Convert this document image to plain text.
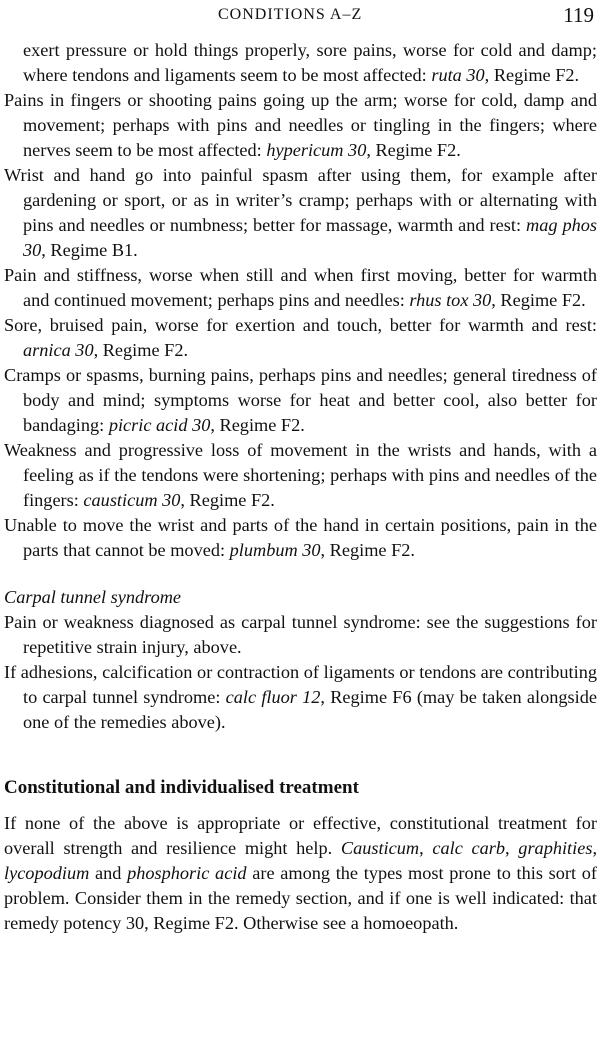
CONDITIONS A–Z	119

exert pressure or hold things properly, sore pains, worse for cold and damp; where tendons and ligaments seem to be most affected: ruta 30, Regime F2.

Pains in fingers or shooting pains going up the arm; worse for cold, damp and movement; perhaps with pins and needles or tingling in the fingers; where nerves seem to be most affected: hypericum 30, Regime F2.

Wrist and hand go into painful spasm after using them, for example after gardening or sport, or as in writer’s cramp; perhaps with or alternating with pins and needles or numbness; better for massage, warmth and rest: mag phos 30, Regime B1.

Pain and stiffness, worse when still and when first moving, better for warmth and continued movement; perhaps pins and needles: rhus tox 30, Regime F2.

Sore, bruised pain, worse for exertion and touch, better for warmth and rest: arnica 30, Regime F2.

Cramps or spasms, burning pains, perhaps pins and needles; general tiredness of body and mind; symptoms worse for heat and better cool, also better for bandaging: picric acid 30, Regime F2.

Weakness and progressive loss of movement in the wrists and hands, with a feeling as if the tendons were shortening; perhaps with pins and needles of the fingers: causticum 30, Regime F2.

Unable to move the wrist and parts of the hand in certain positions, pain in the parts that cannot be moved: plumbum 30, Regime F2.

Carpal tunnel syndrome

Pain or weakness diagnosed as carpal tunnel syndrome: see the suggestions for repetitive strain injury, above.

If adhesions, calcification or contraction of ligaments or tendons are contributing to carpal tunnel syndrome: calc fluor 12, Regime F6 (may be taken alongside one of the remedies above).

Constitutional and individualised treatment

If none of the above is appropriate or effective, constitutional treatment for overall strength and resilience might help. Causticum, calc carb, graphities, lycopodium and phosphoric acid are among the types most prone to this sort of problem. Consider them in the remedy section, and if one is well indicated: that remedy potency 30, Regime F2. Otherwise see a homoeopath.
